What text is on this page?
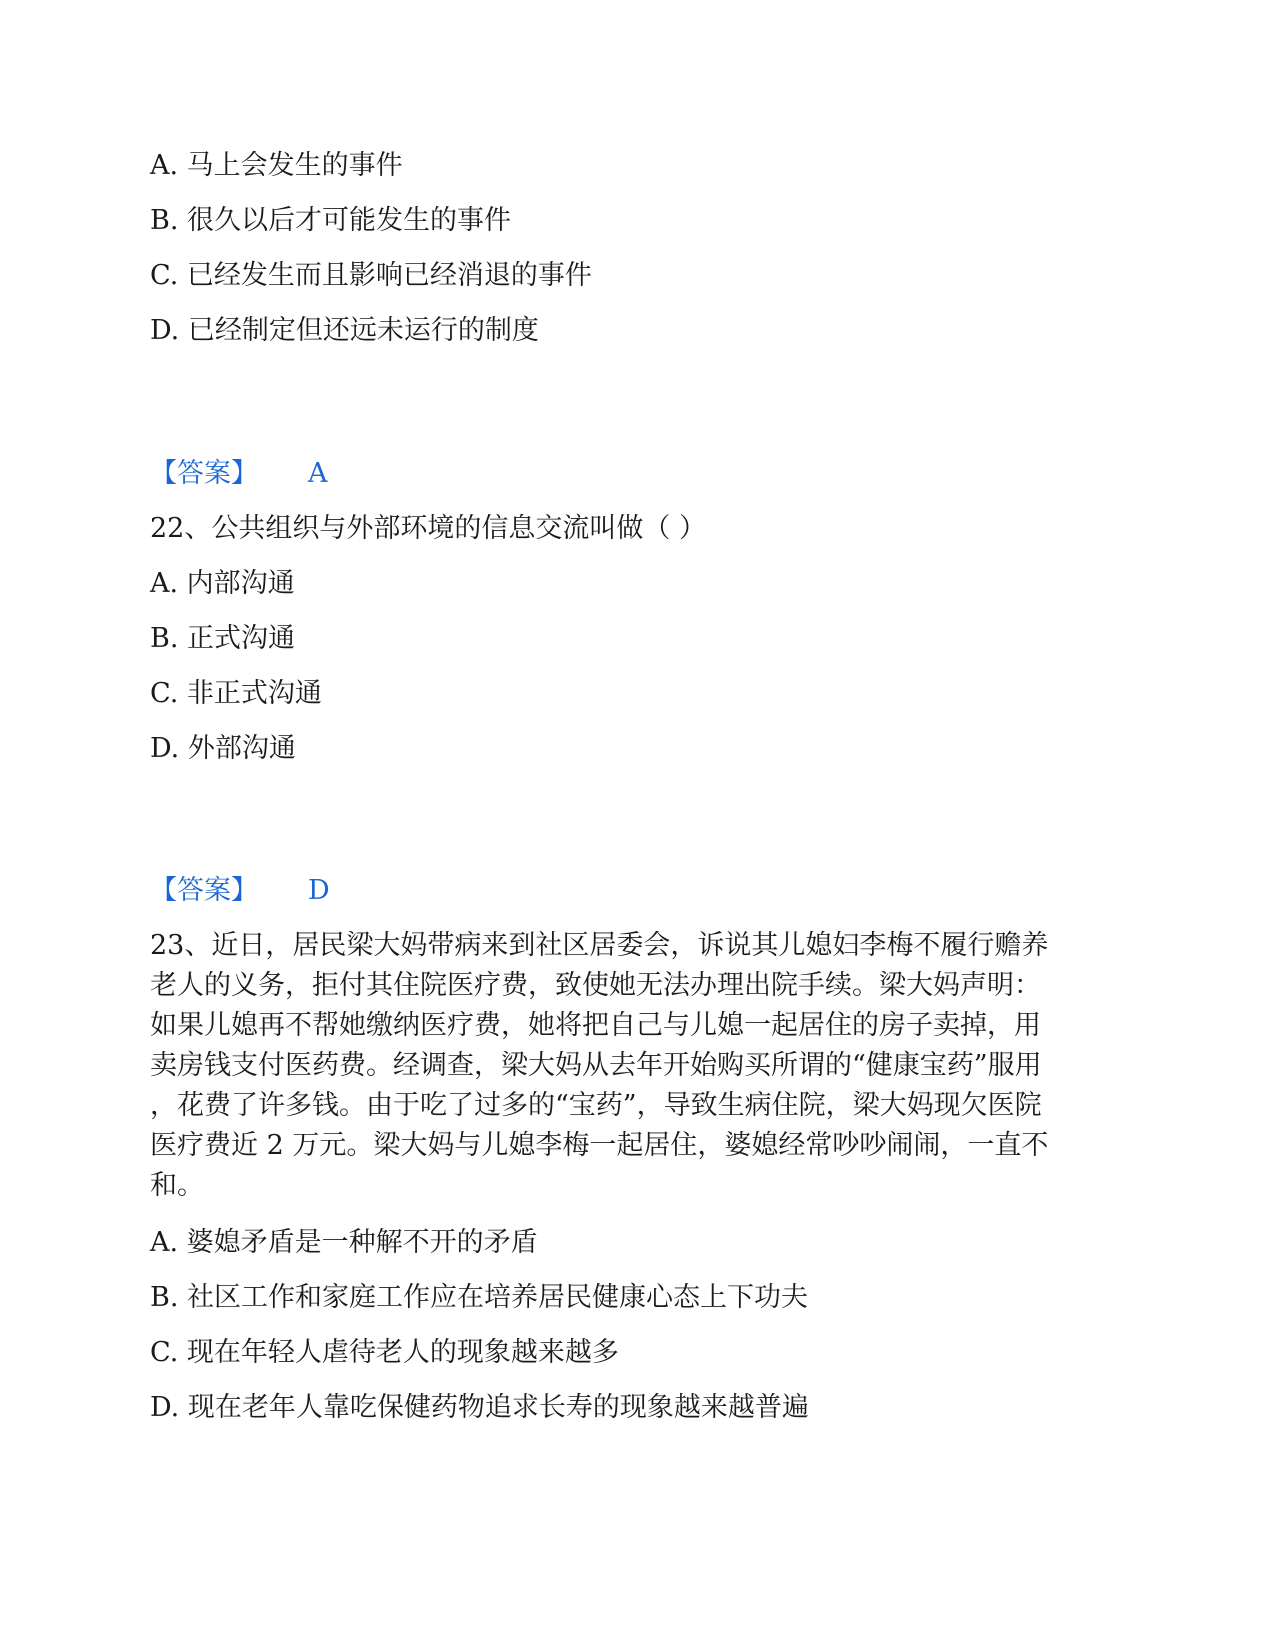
A. 马上会发生的事件
B. 很久以后才可能发生的事件
C. 已经发生而且影响已经消退的事件
D. 已经制定但还远未运行的制度
【答案】 A
22、公共组织与外部环境的信息交流叫做（ ）
A. 内部沟通
B. 正式沟通
C. 非正式沟通
D. 外部沟通
【答案】 D
23、近日，居民梁大妈带病来到社区居委会，诉说其儿媳妇李梅不履行赡养
老人的义务，拒付其住院医疗费，致使她无法办理出院手续。梁大妈声明：
如果儿媳再不帮她缴纳医疗费，她将把自己与儿媳一起居住的房子卖掉，用
卖房钱支付医药费。经调查，梁大妈从去年开始购买所谓的“健康宝药”服用
，花费了许多钱。由于吃了过多的“宝药”，导致生病住院，梁大妈现欠医院
医疗费近 2 万元。梁大妈与儿媳李梅一起居住，婆媳经常吵吵闹闹，一直不
和。
A. 婆媳矛盾是一种解不开的矛盾
B. 社区工作和家庭工作应在培养居民健康心态上下功夫
C. 现在年轻人虐待老人的现象越来越多
D. 现在老年人靠吃保健药物追求长寿的现象越来越普遍
